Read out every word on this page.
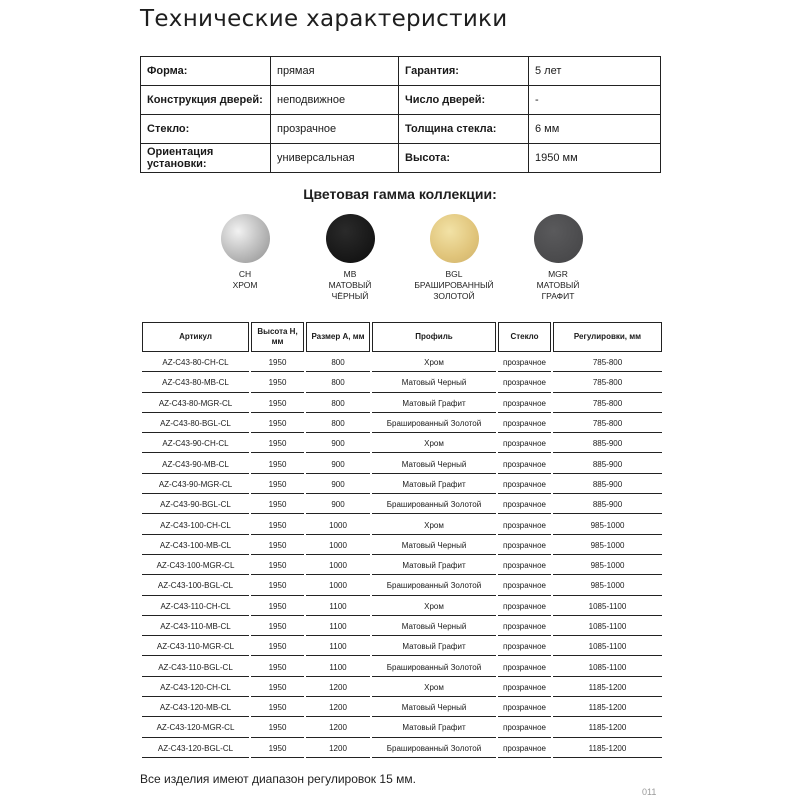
Технические характеристики
Форма:	прямая	Гарантия:	5 лет
Конструкция дверей:	неподвижное	Число дверей:	-
Стекло:	прозрачное	Толщина стекла:	6 мм
Ориентация установки:	универсальная	Высота:	1950 мм
Цветовая гамма коллекции:
CH
ХРОМ
MB
МАТОВЫЙ
ЧЁРНЫЙ
BGL
БРАШИРОВАННЫЙ
ЗОЛОТОЙ
MGR
МАТОВЫЙ
ГРАФИТ
Артикул	Высота H, мм	Размер A, мм	Профиль	Стекло	Регулировки, мм
AZ-C43-80-CH-CL	1950	800	Хром	прозрачное	785-800
AZ-C43-80-MB-CL	1950	800	Матовый Черный	прозрачное	785-800
AZ-C43-80-MGR-CL	1950	800	Матовый Графит	прозрачное	785-800
AZ-C43-80-BGL-CL	1950	800	Брашированный Золотой	прозрачное	785-800
AZ-C43-90-CH-CL	1950	900	Хром	прозрачное	885-900
AZ-C43-90-MB-CL	1950	900	Матовый Черный	прозрачное	885-900
AZ-C43-90-MGR-CL	1950	900	Матовый Графит	прозрачное	885-900
AZ-C43-90-BGL-CL	1950	900	Брашированный Золотой	прозрачное	885-900
AZ-C43-100-CH-CL	1950	1000	Хром	прозрачное	985-1000
AZ-C43-100-MB-CL	1950	1000	Матовый Черный	прозрачное	985-1000
AZ-C43-100-MGR-CL	1950	1000	Матовый Графит	прозрачное	985-1000
AZ-C43-100-BGL-CL	1950	1000	Брашированный Золотой	прозрачное	985-1000
AZ-C43-110-CH-CL	1950	1100	Хром	прозрачное	1085-1100
AZ-C43-110-MB-CL	1950	1100	Матовый Черный	прозрачное	1085-1100
AZ-C43-110-MGR-CL	1950	1100	Матовый Графит	прозрачное	1085-1100
AZ-C43-110-BGL-CL	1950	1100	Брашированный Золотой	прозрачное	1085-1100
AZ-C43-120-CH-CL	1950	1200	Хром	прозрачное	1185-1200
AZ-C43-120-MB-CL	1950	1200	Матовый Черный	прозрачное	1185-1200
AZ-C43-120-MGR-CL	1950	1200	Матовый Графит	прозрачное	1185-1200
AZ-C43-120-BGL-CL	1950	1200	Брашированный Золотой	прозрачное	1185-1200
Все изделия имеют диапазон регулировок 15 мм.
011
